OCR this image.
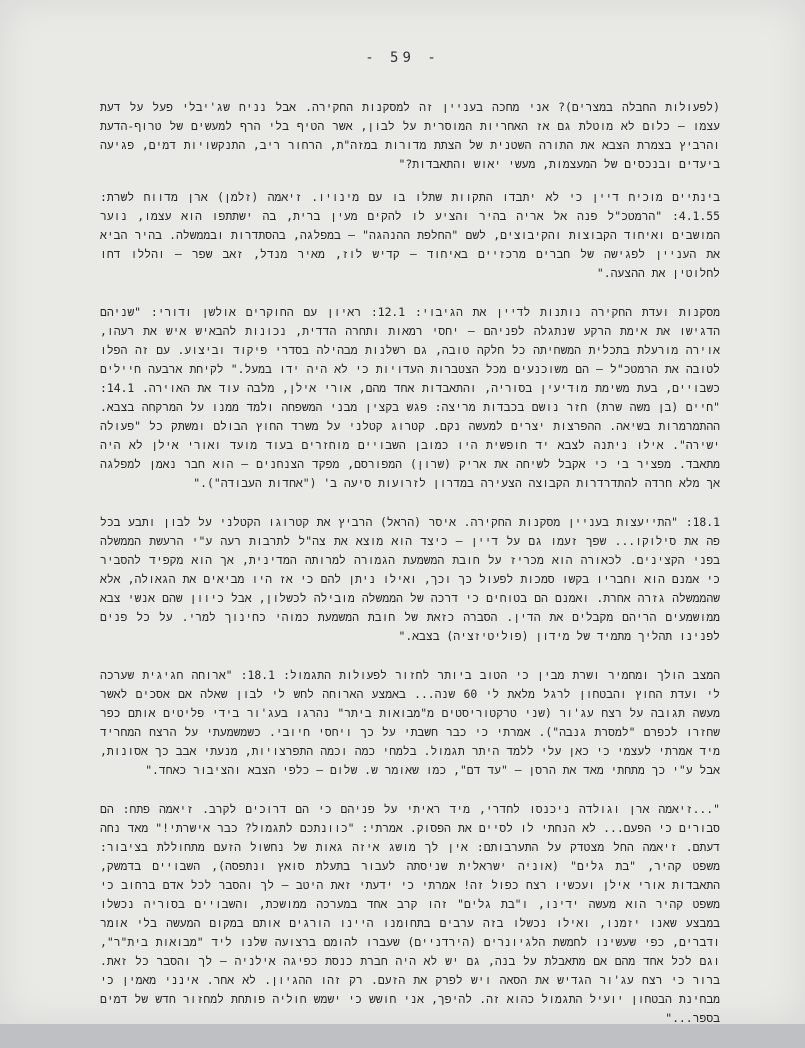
- 59 -

(לפעולות החבלה במצרים)? אני מחכה בעניין זה למסקנות החקירה. אבל נניח שג'יבלי פעל על דעת עצמו – כלום לא מוטלת גם אז האחריות המוסרית על לבון, אשר הטיף בלי הרף למעשים של טרוף-הדעת והרביץ בצמרת הצבא את התורה השטנית של הצתת מדורות במזה"ת, הרחור ריב, התנקשויות דמים, פגיעה ביעדים ובנכסים של המעצמות, מעשי יאוש והתאבדות?"

בינתיים מוכיח דיין כי לא יתבדו התקוות שתלו בו עם מינויו. זיאמה (זלמן) ארן מדווח לשרת: 4.1.55: "הרמטכ"ל פנה אל אריה בהיר והציע לו להקים מעין ברית, בה ישתתפו הוא עצמו, נוער המושבים ואיחוד הקבוצות והקיבוצים, לשם "החלפת ההנהגה" – במפלגה, בהסתדרות ובממשלה. בהיר הביא את העניין לפגישה של חברים מרכזיים באיחוד – קדיש לוז, מאיר מנדל, זאב שפר – והללו דחו לחלוטין את ההצעה."

מסקנות ועדת החקירה נותנות לדיין את הגיבוי: 12.1: ראיון עם החוקרים אולשן ודורי: "שניהם הדגישו את אימת הרקע שנתגלה לפניהם – יחסי רמאות ותחרה הדדית, נכונות להבאיש איש את רעהו, אוירה מורעלת בתכלית המשחיתה כל חלקה טובה, גם רשלנות מבהילה בסדרי פיקוד וביצוע. עם זה הפלו לטובה את הרמטכ"ל – הם משוכנעים מכל הצטברות העדויות כי לא היה ידו במעל." לקיחת ארבעה חיילים כשבויים, בעת משימת מודיעין בסוריה, והתאבדות אחד מהם, אורי אילן, מלבה עוד את האוירה. 14.1: "חיים (בן משה שרת) חזר נושם בכבדות מריצה: פגש בקצין מבני המשפחה ולמד ממנו על המרקחה בצבא. ההתמרמרות בשיאה. ההפרצות יצרים למעשה נקם. קטרוג קטלני על משרד החוץ הבולם ומשתק כל "פעולה ישירה". אילו ניתנה לצבא יד חופשית היו כמובן השבויים מוחזרים בעוד מועד ואורי אילן לא היה מתאבד. מפציר בי כי אקבל לשיחה את אריק (שרון) המפורסם, מפקד הצנחנים – הוא חבר נאמן למפלגה אך מלא חרדה להתדרדרות הקבוצה הצעירה במדרון לזרועות סיעה ב' ("אחדות העבודה")."

18.1: "התייעצות בעניין מסקנות החקירה. איסר (הראל) הרביץ את קטרוגו הקטלני על לבון ותבע בכל פה את סילוקו... שפך זעמו גם על דיין – כיצד הוא מוצא את צה"ל לתרבות רעה ע"י הרעשת הממשלה בפני הקצינים. לכאורה הוא מכריז על חובת המשמעת הגמורה למרותה המדינית, אך הוא מקפיד להסביר כי אמנם הוא וחבריו בקשו סמכות לפעול כך וכך, ואילו ניתן להם כי אז היו מביאים את הגאולה, אלא שהממשלה גזרה אחרת. ואמנם הם בטוחים כי דרכה של הממשלה מובילה לכשלון, אבל כיוון שהם אנשי צבא ממושמעים הריהם מקבלים את הדין. הסברה כזאת של חובת המשמעת כמוהי כחינוך למרי. על כל פנים לפנינו תהליך מתמיד של מידון (פוליטיזציה) בצבא."

המצב הולך ומחמיר ושרת מבין כי הטוב ביותר לחזור לפעולות התגמול: 18.1: "ארוחה חגיגית שערכה לי ועדת החוץ והבטחון לרגל מלאת לי 60 שנה... באמצע הארוחה לחש לי לבון שאלה אם אסכים לאשר מעשה תגובה על רצח עג'ור (שני טרקטוריסטים מ"מבואות ביתר" נהרגו בעג'ור בידי פליטים אותם כפר שחזרו לכפרם "למסרת גנבה"). אמרתי כי כבר חשבתי על כך ויחסי חיובי. כשמשמעתי על הרצח המחריד מיד אמרתי לעצמי כי כאן עלי ללמד היתר תגמול. בלמחי כמה וכמה התפרצויות, מנעתי אבב כך אסונות, אבל ע"י כך מתחתי מאד את הרסן – "עד דם", כמו שאומר ש. שלום – כלפי הצבא והציבור כאחד."

"...זיאמה ארן וגולדה ניכנסו לחדרי, מיד ראיתי על פניהם כי הם דרוכים לקרב. זיאמה פתח: הם סבורים כי הפעם... לא הנחתי לו לסיים את הפסוק. אמרתי: "כוונתכם לתגמול? כבר אישרתי!" מאד נחה דעתם. זיאמה החל מצטדק על התערבותם: אין לך מושג איזה גאות של נחשול הזעם מתחוללת בציבור: משפט קהיר, "בת גלים" (אוניה ישראלית שניסתה לעבור בתעלת סואץ ונתפסה), השבויים בדמשק, התאבדות אורי אילן ועכשיו רצח כפול זה! אמרתי כי ידעתי זאת היטב – לך והסבר לכל אדם ברחוב כי משפט קהיר הוא מעשה ידינו, ו"בת גלים" זהו קרב אחד במערכה ממושכת, והשבויים בסוריה נכשלו במבצע שאנו יזמנו, ואילו נכשלו בזה ערבים בתחומנו היינו הורגים אותם במקום המעשה בלי אומר ודברים, כפי שעשינו לחמשת הלגיונרים (הירדניים) שעברו להומם ברצועה שלנו ליד "מבואות בית"ר", וגם לכל אחד מהם אם מתאבלת על בנה, גם יש לא היה חברת כנסת כפיגה אילניה – לך והסבר כל זאת. ברור כי רצח עג'ור הגדיש את הסאה ויש לפרק את הזעם. רק זהו ההגיון. לא אחר. אינני מאמין כי מבחינת הבטחון יועיל התגמול כהוא זה. להיפך, אני חושש כי ישמש חוליה פותחת למחזור חדש של דמים בספר..."
